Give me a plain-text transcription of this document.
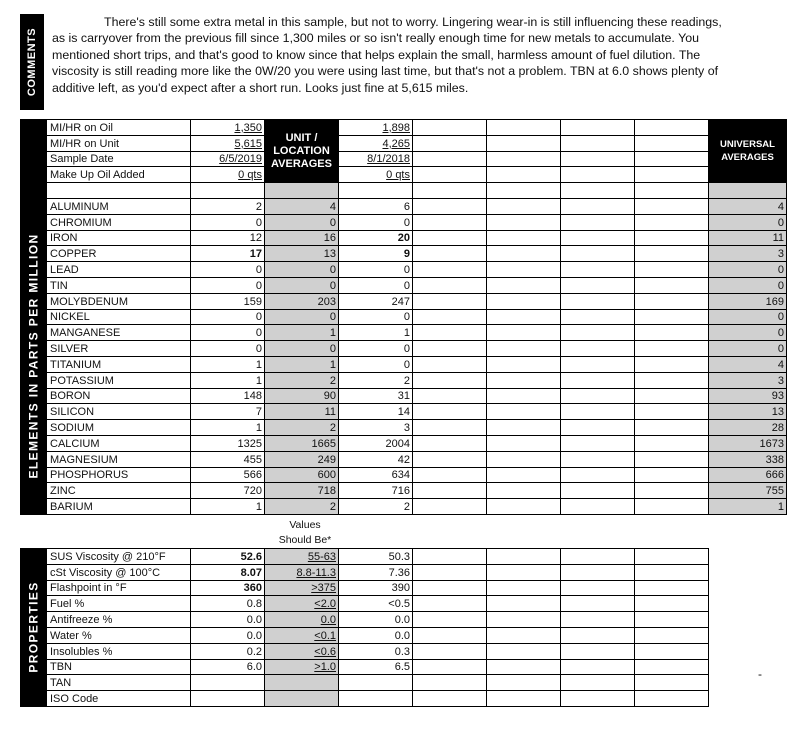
COMMENTS
There's still some extra metal in this sample, but not to worry. Lingering wear-in is still influencing these readings, as is carryover from the previous fill since 1,300 miles or so isn't really enough time for new metals to accumulate. You mentioned short trips, and that's good to know since that helps explain the small, harmless amount of fuel dilution. The viscosity is still reading more like the 0W/20 you were using last time, but that's not a problem. TBN at 6.0 shows plenty of additive left, as you'd expect after a short run. Looks just fine at 5,615 miles.
	MI/HR on Oil	1,350	UNIT / LOCATION AVERAGES	1,898					UNIVERSAL AVERAGES
	MI/HR on Unit	5,615		4,265					
	Sample Date	6/5/2019		8/1/2018					
	Make Up Oil Added	0 qts		0 qts					

ELEMENTS IN PARTS PER MILLION	ALUMINUM	2	4	6					4
	CHROMIUM	0	0	0					0
	IRON	12	16	20					11
	COPPER	17	13	9					3
	LEAD	0	0	0					0
	TIN	0	0	0					0
	MOLYBDENUM	159	203	247					169
	NICKEL	0	0	0					0
	MANGANESE	0	1	1					0
	SILVER	0	0	0					0
	TITANIUM	1	1	0					4
	POTASSIUM	1	2	2					3
	BORON	148	90	31					93
	SILICON	7	11	14					13
	SODIUM	1	2	3					28
	CALCIUM	1325	1665	2004					1673
	MAGNESIUM	455	249	42					338
	PHOSPHORUS	566	600	634					666
	ZINC	720	718	716					755
	BARIUM	1	2	2					1
Values Should Be*
PROPERTIES	SUS Viscosity @ 210°F	52.6	55-63	50.3					
	cSt Viscosity @ 100°C	8.07	8.8-11.3	7.36					
	Flashpoint in °F	360	>375	390					
	Fuel %	0.8	<2.0	<0.5					
	Antifreeze %	0.0	0.0	0.0					
	Water %	0.0	<0.1	0.0					
	Insolubles %	0.2	<0.6	0.3					
	TBN	6.0	>1.0	6.5					
	TAN								
	ISO Code								
-
